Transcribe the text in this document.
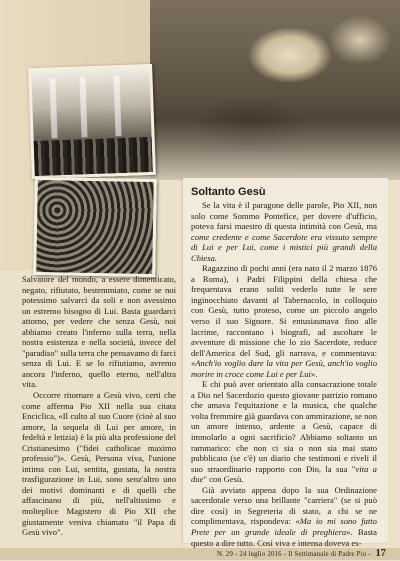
Salvatore del mondo, a essere dimenticato, negato, rifiutato, bestemmiato, come se noi potessimo salvarci da soli e non avessimo un estremo bisogno di Lui. Basta guardarci attorno, per vedere che senza Gesù, noi abbiamo creato l'inferno sulla terra, nella nostra esistenza e nella società, invece del "paradiso" sulla terra che pensavamo di farci senza di Lui. E se lo rifiutiamo, avremo ancora l'inferno, quello eterno, nell'altra vita.

Occorre ritornare a Gesù vivo, certi che come afferma Pio XII nella sua citata Enciclica, «Il culto al suo Cuore (cioè al suo amore, la sequela di Lui per amore, in fedeltà e letizia) è la più alta professione del Cristianesimo ("fidei catholicae maximo professio")». Gesù, Persona viva, l'unione intima con Lui, sentita, gustata, la nostra trasfigurazione in Lui, sono senz'altro uno dei motivi dominanti e di quelli che affascinano di più, nell'altissimo e molteplice Magistero di Pio XII che giustamente veniva chiamato "il Papa di Gesù vivo".

Soltanto Gesù

Se la vita è il paragone delle parole, Pio XII, non solo come Sommo Pontefice, per dovere d'ufficio, poteva farsi maestro di questa intimità con Gesù, ma come credente e come Sacerdote era vissuto sempre di Lui e per Lui, come i mistici più grandi della Chiesa.

Ragazzino di pochi anni (era nato il 2 marzo 1876 a Roma), i Padri Filippini della chiesa che frequentava erano soliti vederlo tutte le sere inginocchiato davanti al Tabernacolo, in colloquio con Gesù, tutto proteso, come un piccolo angelo verso il suo Signore. Si entusiasmava fino alle lacrime, raccontano i biografi, ad ascoltare le avventure di missione che lo zio Sacerdote, reduce dell'America del Sud, gli narrava, e commentava: «Anch'io voglio dare la vita per Gesù, anch'io voglio morire in croce come Lui e per Lui».

E chi può aver orientato alla consacrazione totale a Dio nel Sacerdozio questo giovane patrizio romano che amava l'equitazione e la musica, che qualche volta fremmire già guardava con ammirazione, se non un amore intenso, ardente a Gesù, capace di immolarlo a ogni sacrificio? Abbiamo soltanto un rammarico: che non ci sia o non sia mai stato pubblicato (se c'è) un diario che testimoni e riveli il suo straordinario rapporto con Dio, la sua "vita a due" con Gesù.

Già avviato appena dopo la sua Ordinazione sacerdotale verso una brillante "carriera" (se si può dire così) in Segreteria di stato, a chi se ne complimentava, rispondeva: «Ma io mi sono fatto Prete per un grande ideale di preghiera». Basta questo a dire tutto. Così viva e intensa doveva es-

N. 29 - 24 luglio 2016 - Il Settimanale di Padre Pio - 17
